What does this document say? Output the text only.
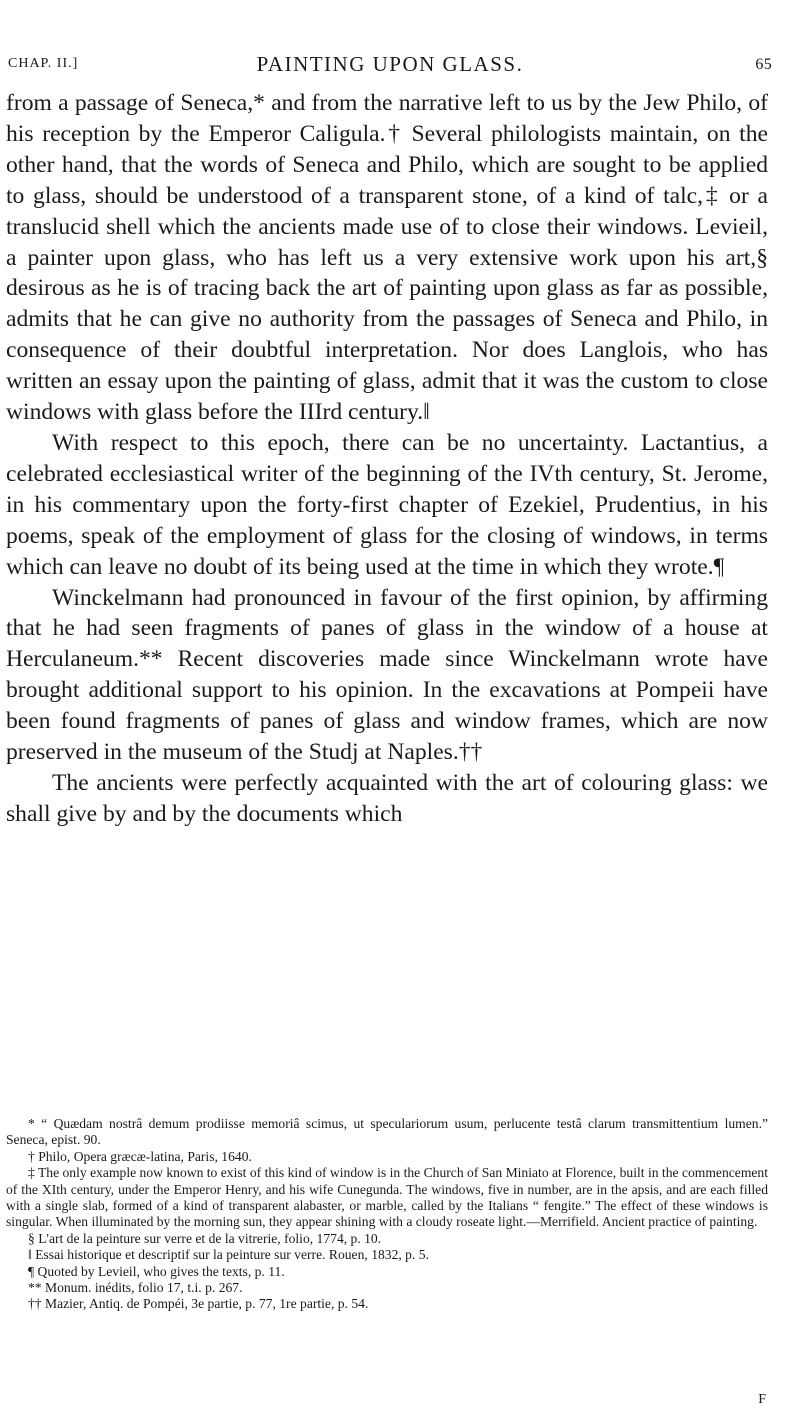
CHAP. II.]	PAINTING UPON GLASS.	65

from a passage of Seneca,* and from the narrative left to us by the Jew Philo, of his reception by the Emperor Caligula.† Several philologists maintain, on the other hand, that the words of Seneca and Philo, which are sought to be applied to glass, should be understood of a transparent stone, of a kind of talc,‡ or a translucid shell which the ancients made use of to close their windows. Levieil, a painter upon glass, who has left us a very extensive work upon his art,§ desirous as he is of tracing back the art of painting upon glass as far as possible, admits that he can give no authority from the passages of Seneca and Philo, in consequence of their doubtful interpretation. Nor does Langlois, who has written an essay upon the painting of glass, admit that it was the custom to close windows with glass before the IIIrd century.‖

With respect to this epoch, there can be no uncertainty. Lactantius, a celebrated ecclesiastical writer of the beginning of the IVth century, St. Jerome, in his commentary upon the forty-first chapter of Ezekiel, Prudentius, in his poems, speak of the employment of glass for the closing of windows, in terms which can leave no doubt of its being used at the time in which they wrote.¶

Winckelmann had pronounced in favour of the first opinion, by affirming that he had seen fragments of panes of glass in the window of a house at Herculaneum.** Recent discoveries made since Winckelmann wrote have brought additional support to his opinion. In the excavations at Pompeii have been found fragments of panes of glass and window frames, which are now preserved in the museum of the Studj at Naples.††

The ancients were perfectly acquainted with the art of colouring glass: we shall give by and by the documents which

* “ Quædam nostrâ demum prodiisse memoriâ scimus, ut speculariorum usum, perlucente testâ clarum transmittentium lumen.” Seneca, epist. 90.

† Philo, Opera græcæ-latina, Paris, 1640.

‡ The only example now known to exist of this kind of window is in the Church of San Miniato at Florence, built in the commencement of the XIth century, under the Emperor Henry, and his wife Cunegunda. The windows, five in number, are in the apsis, and are each filled with a single slab, formed of a kind of transparent alabaster, or marble, called by the Italians “ fengite.” The effect of these windows is singular. When illuminated by the morning sun, they appear shining with a cloudy roseate light.—Merrifield. Ancient practice of painting.

§ L'art de la peinture sur verre et de la vitrerie, folio, 1774, p. 10.

‖ Essai historique et descriptif sur la peinture sur verre. Rouen, 1832, p. 5.

¶ Quoted by Levieil, who gives the texts, p. 11.

** Monum. inédits, folio 17, t.i. p. 267.

†† Mazier, Antiq. de Pompéi, 3e partie, p. 77, 1re partie, p. 54.

F
